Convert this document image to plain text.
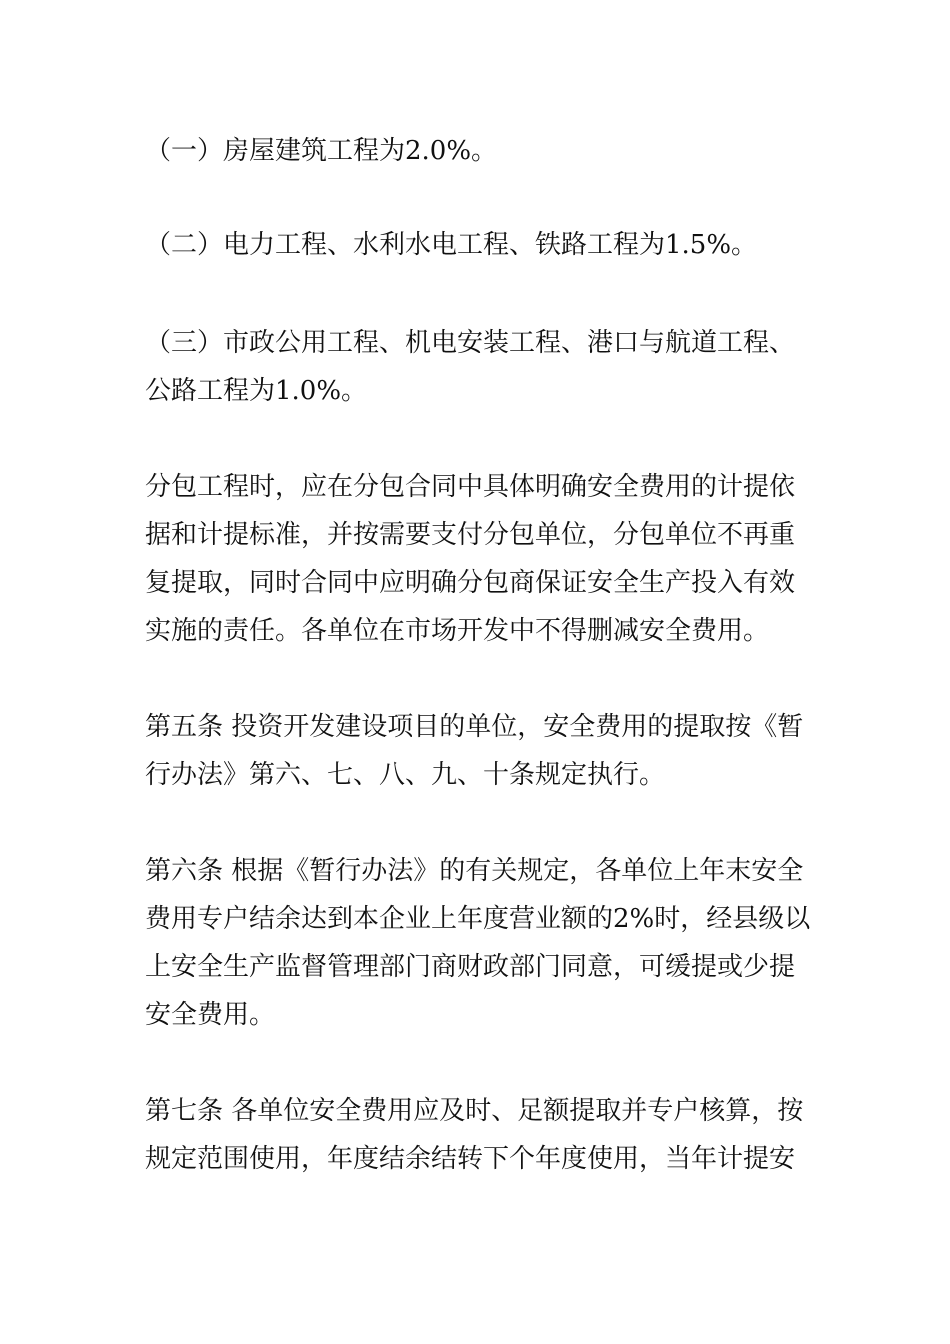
（一）房屋建筑工程为2.0%。

（二）电力工程、水利水电工程、铁路工程为1.5%。

（三）市政公用工程、机电安装工程、港口与航道工程、
公路工程为1.0%。

分包工程时，应在分包合同中具体明确安全费用的计提依
据和计提标准，并按需要支付分包单位，分包单位不再重
复提取，同时合同中应明确分包商保证安全生产投入有效
实施的责任。各单位在市场开发中不得删减安全费用。

第五条 投资开发建设项目的单位，安全费用的提取按《暂
行办法》第六、七、八、九、十条规定执行。

第六条 根据《暂行办法》的有关规定，各单位上年末安全
费用专户结余达到本企业上年度营业额的2%时，经县级以
上安全生产监督管理部门商财政部门同意，可缓提或少提
安全费用。

第七条 各单位安全费用应及时、足额提取并专户核算，按
规定范围使用，年度结余结转下个年度使用，当年计提安
